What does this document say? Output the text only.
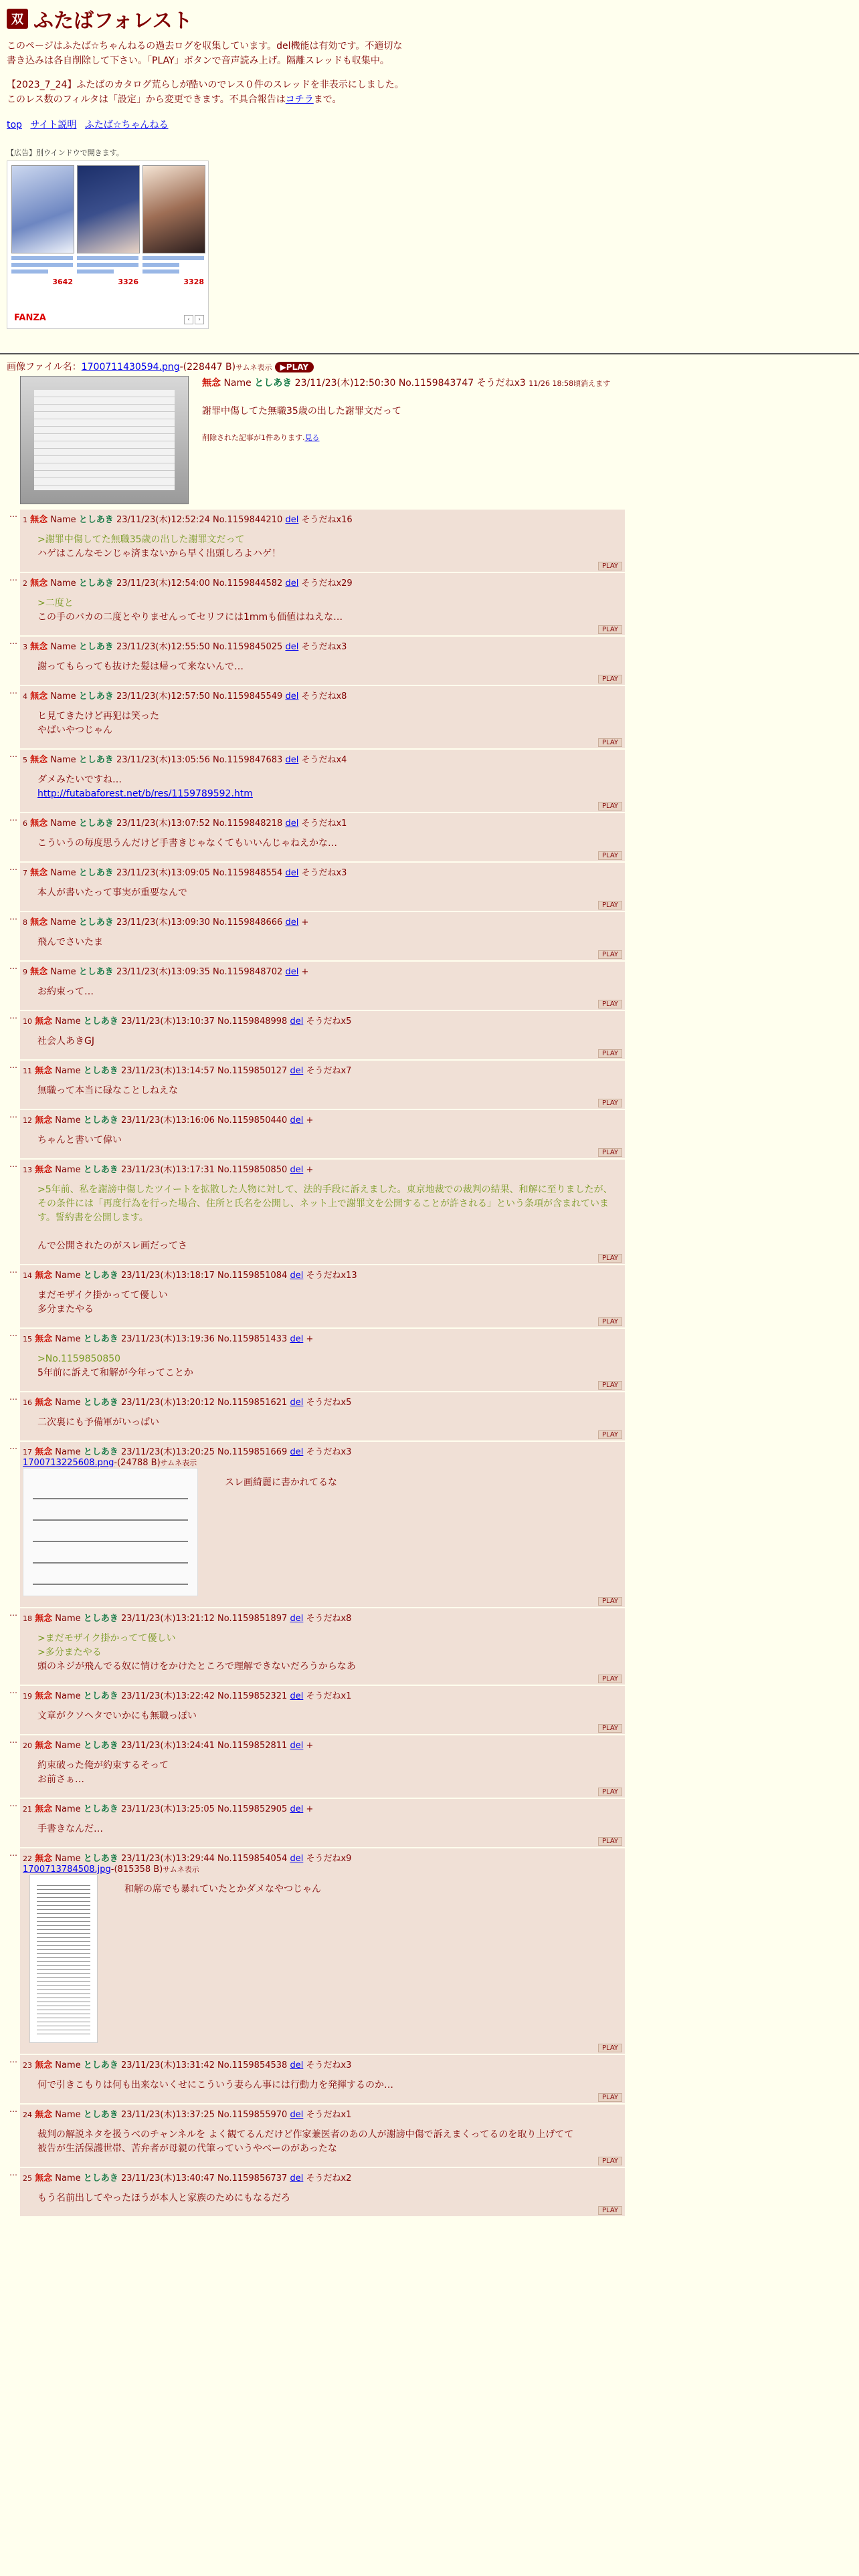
双 ふたばフォレスト

このページはふたば☆ちゃんねるの過去ログを収集しています。del機能は有効です。不適切な書き込みは各自削除して下さい。「PLAY」ボタンで音声読み上げ。隔離スレッドも収集中。

【2023_7_24】ふたばのカタログ荒らしが酷いのでレス０件のスレッドを非表示にしました。このレス数のフィルタは「設定」から変更できます。不具合報告はコチラまで。

top サイト説明 ふたば☆ちゃんねる
【広告】別ウインドウで開きます。
3642	3326	3328
FANZA	‹	›
画像ファイル名：1700711430594.png-(228447 B)サムネ表示 ▶PLAY
無念 Name としあき 23/11/23(木)12:50:30 No.1159843747 そうだねx3 11/26 18:58頃消えます
謝罪中傷してた無職35歳の出した謝罪文だって
削除された記事が1件あります.見る
…
1 無念 Name としあき 23/11/23(木)12:52:24 No.1159844210 del そうだねx16
>謝罪中傷してた無職35歳の出した謝罪文だって
ハゲはこんなモンじゃ済まないから早く出頭しろよハゲ！
PLAY
…
2 無念 Name としあき 23/11/23(木)12:54:00 No.1159844582 del そうだねx29
>二度と
この手のバカの二度とやりませんってセリフには1mmも価値はねえな…
PLAY
…
3 無念 Name としあき 23/11/23(木)12:55:50 No.1159845025 del そうだねx3
謝ってもらっても抜けた髪は帰って来ないんで…
PLAY
…
4 無念 Name としあき 23/11/23(木)12:57:50 No.1159845549 del そうだねx8
ヒ見てきたけど再犯は笑った
やばいやつじゃん
PLAY
…
5 無念 Name としあき 23/11/23(木)13:05:56 No.1159847683 del そうだねx4
ダメみたいですね…
http://futabaforest.net/b/res/1159789592.htm
PLAY
…
6 無念 Name としあき 23/11/23(木)13:07:52 No.1159848218 del そうだねx1
こういうの毎度思うんだけど手書きじゃなくてもいいんじゃねえかな…
PLAY
…
7 無念 Name としあき 23/11/23(木)13:09:05 No.1159848554 del そうだねx3
本人が書いたって事実が重要なんで
PLAY
…
8 無念 Name としあき 23/11/23(木)13:09:30 No.1159848666 del +
飛んでさいたま
PLAY
…
9 無念 Name としあき 23/11/23(木)13:09:35 No.1159848702 del +
お約束って…
PLAY
…
10 無念 Name としあき 23/11/23(木)13:10:37 No.1159848998 del そうだねx5
社会人あきGJ
PLAY
…
11 無念 Name としあき 23/11/23(木)13:14:57 No.1159850127 del そうだねx7
無職って本当に碌なことしねえな
PLAY
…
12 無念 Name としあき 23/11/23(木)13:16:06 No.1159850440 del +
ちゃんと書いて偉い
PLAY
…
13 無念 Name としあき 23/11/23(木)13:17:31 No.1159850850 del +
>5年前、私を謝謗中傷したツイートを拡散した人物に対して、法的手段に訴えました。東京地裁での裁判の結果、和解に至りましたが、その条件には「再度行為を行った場合、住所と氏名を公開し、ネット上で謝罪文を公開することが許される」という条項が含まれています。誓約書を公開します。

んで公開されたのがスレ画だってさ
PLAY
…
14 無念 Name としあき 23/11/23(木)13:18:17 No.1159851084 del そうだねx13
まだモザイク掛かってて優しい
多分またやる
PLAY
…
15 無念 Name としあき 23/11/23(木)13:19:36 No.1159851433 del +
>No.1159850850
5年前に訴えて和解が今年ってことか
PLAY
…
16 無念 Name としあき 23/11/23(木)13:20:12 No.1159851621 del そうだねx5
二次裏にも予備軍がいっぱい
PLAY
…
17 無念 Name としあき 23/11/23(木)13:20:25 No.1159851669 del そうだねx3
1700713225608.png-(24788 B)サムネ表示
スレ画綺麗に書かれてるな
PLAY
…
18 無念 Name としあき 23/11/23(木)13:21:12 No.1159851897 del そうだねx8
>まだモザイク掛かってて優しい
>多分またやる
頭のネジが飛んでる奴に情けをかけたところで理解できないだろうからなあ
PLAY
…
19 無念 Name としあき 23/11/23(木)13:22:42 No.1159852321 del そうだねx1
文章がクソヘタでいかにも無職っぽい
PLAY
…
20 無念 Name としあき 23/11/23(木)13:24:41 No.1159852811 del +
約束破った俺が約束するそって
お前さぁ…
PLAY
…
21 無念 Name としあき 23/11/23(木)13:25:05 No.1159852905 del +
手書きなんだ…
PLAY
…
22 無念 Name としあき 23/11/23(木)13:29:44 No.1159854054 del そうだねx9
1700713784508.jpg-(815358 B)サムネ表示
和解の席でも暴れていたとかダメなやつじゃん
PLAY
…
23 無念 Name としあき 23/11/23(木)13:31:42 No.1159854538 del そうだねx3
何で引きこもりは何も出来ないくせにこういう妻らん事には行動力を発揮するのか…
PLAY
…
24 無念 Name としあき 23/11/23(木)13:37:25 No.1159855970 del そうだねx1
裁判の解説ネタを扱うべのチャンネルを よく観てるんだけど作家兼医者のあの人が謝謗中傷で訴えまくってるのを取り上げてて
被告が生活保護世帯、苦弁者が母親の代筆っていうやべーのがあったな
PLAY
…
25 無念 Name としあき 23/11/23(木)13:40:47 No.1159856737 del そうだねx2
もう名前出してやったほうが本人と家族のためにもなるだろ
PLAY
